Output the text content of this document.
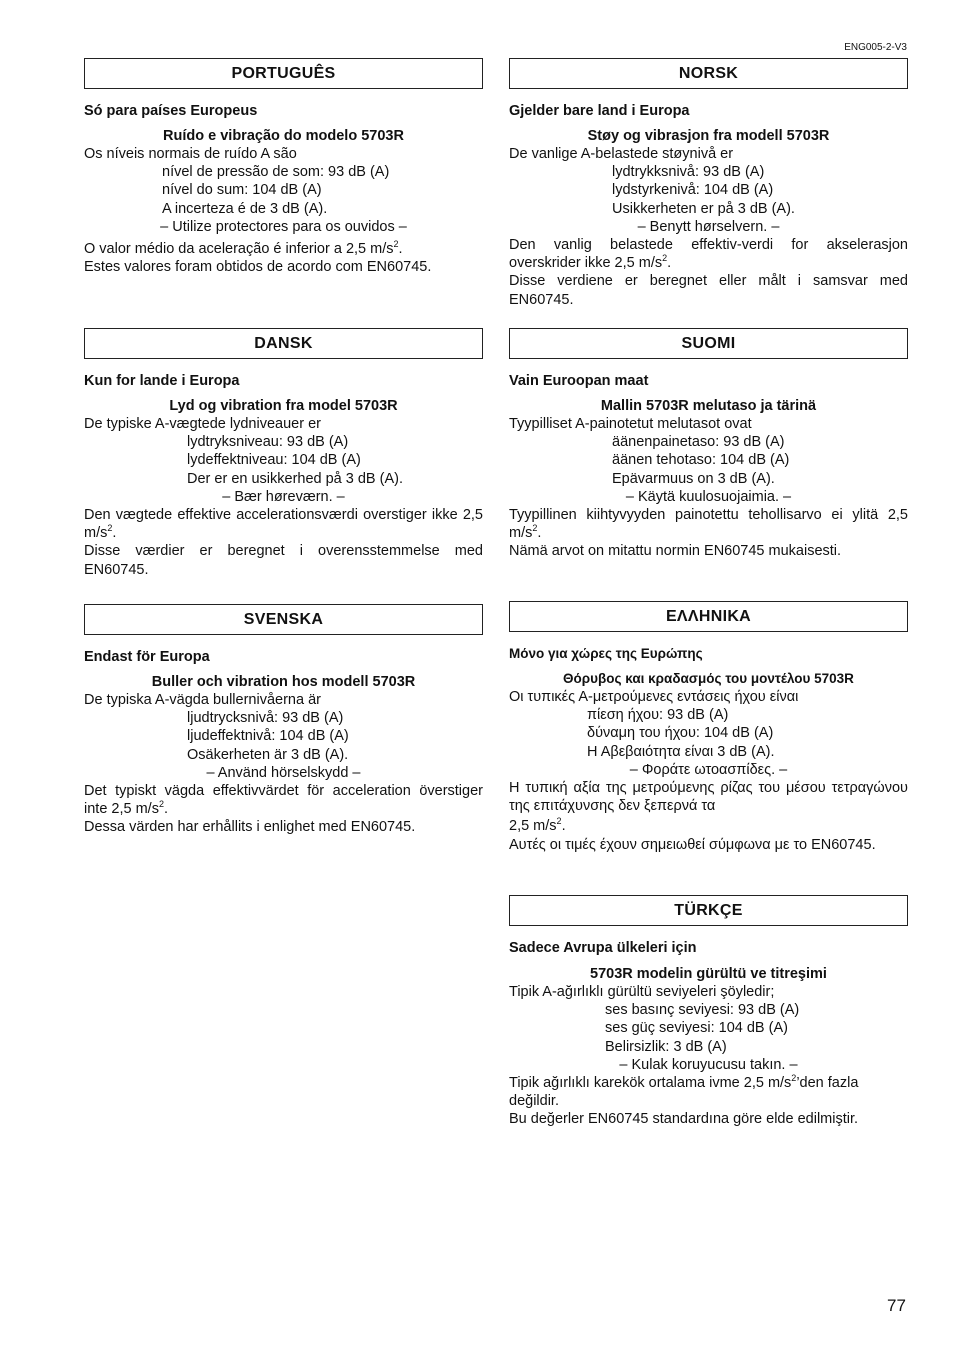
ENG005-2-V3
PORTUGUÊS
Só para países Europeus
Ruído e vibração do modelo 5703R
Os níveis normais de ruído A são
nível de pressão de som: 93 dB (A)
nível do sum: 104 dB (A)
A incerteza é de 3 dB (A).
– Utilize protectores para os ouvidos –
O valor médio da aceleração é inferior a 2,5 $m/s^2$.
Estes valores foram obtidos de acordo com EN60745.
NORSK
Gjelder bare land i Europa
Støy og vibrasjon fra modell 5703R
De vanlige A-belastede støynivå er
lydtrykksnivå: 93 dB (A)
lydstyrkenivå: 104 dB (A)
Usikkerheten er på 3 dB (A).
– Benytt hørselvern. –
Den vanlig belastede effektiv-verdi for akselerasjon overskrider ikke 2,5 $m/s^2$.
Disse verdiene er beregnet eller målt i samsvar med EN60745.
DANSK
Kun for lande i Europa
Lyd og vibration fra model 5703R
De typiske A-vægtede lydniveauer er
lydtryksniveau: 93 dB (A)
lydeffektniveau: 104 dB (A)
Der er en usikkerhed på 3 dB (A).
– Bær høreværn. –
Den vægtede effektive accelerationsværdi overstiger ikke 2,5 $m/s^2$.
Disse værdier er beregnet i overensstemmelse med EN60745.
SUOMI
Vain Euroopan maat
Mallin 5703R melutaso ja tärinä
Tyypilliset A-painotetut melutasot ovat
äänenpainetaso: 93 dB (A)
äänen tehotaso: 104 dB (A)
Epävarmuus on 3 dB (A).
– Käytä kuulosuojaimia. –
Tyypillinen kiihtyvyyden painotettu tehollisarvo ei ylitä 2,5 $m/s^2$.
Nämä arvot on mitattu normin EN60745 mukaisesti.
SVENSKA
Endast för Europa
Buller och vibration hos modell 5703R
De typiska A-vägda bullernivåerna är
ljudtrycksnivå: 93 dB (A)
ljudeffektnivå: 104 dB (A)
Osäkerheten är 3 dB (A).
– Använd hörselskydd –
Det typiskt vägda effektivvärdet för acceleration överstiger inte 2,5 $m/s^2$.
Dessa värden har erhållits i enlighet med EN60745.
ΕΛΛΗΝΙΚΑ
Μόνο για χώρες της Ευρώπης
Θόρυβος και κραδασμός του μοντέλου 5703R
Οι τυπικές Α-μετρούμενες εντάσεις ήχου είναι
πίεση ήχου: 93 dB (A)
δύναμη του ήχου: 104 dB (A)
Η Αβεβαιότητα είναι 3 dB (A).
– Φοράτε ωτοασπίδες. –
Η τυπική αξία της μετρούμενης ρίζας του μέσου τετραγώνου της επιτάχυνσης δεν ξεπερνά τα
2,5 $m/s^2$.
Αυτές οι τιμές έχουν σημειωθεί σύμφωνα με το EN60745.
TÜRKÇE
Sadece Avrupa ülkeleri için
5703R modelin gürültü ve titreşimi
Tipik A-ağırlıklı gürültü seviyeleri şöyledir;
ses basınç seviyesi: 93 dB (A)
ses güç seviyesi: 104 dB (A)
Belirsizlik: 3 dB (A)
– Kulak koruyucusu takın. –
Tipik ağırlıklı karekök ortalama ivme 2,5 $m/s^2’den$ fazla değildir.
Bu değerler EN60745 standardına göre elde edilmiştir.
77
